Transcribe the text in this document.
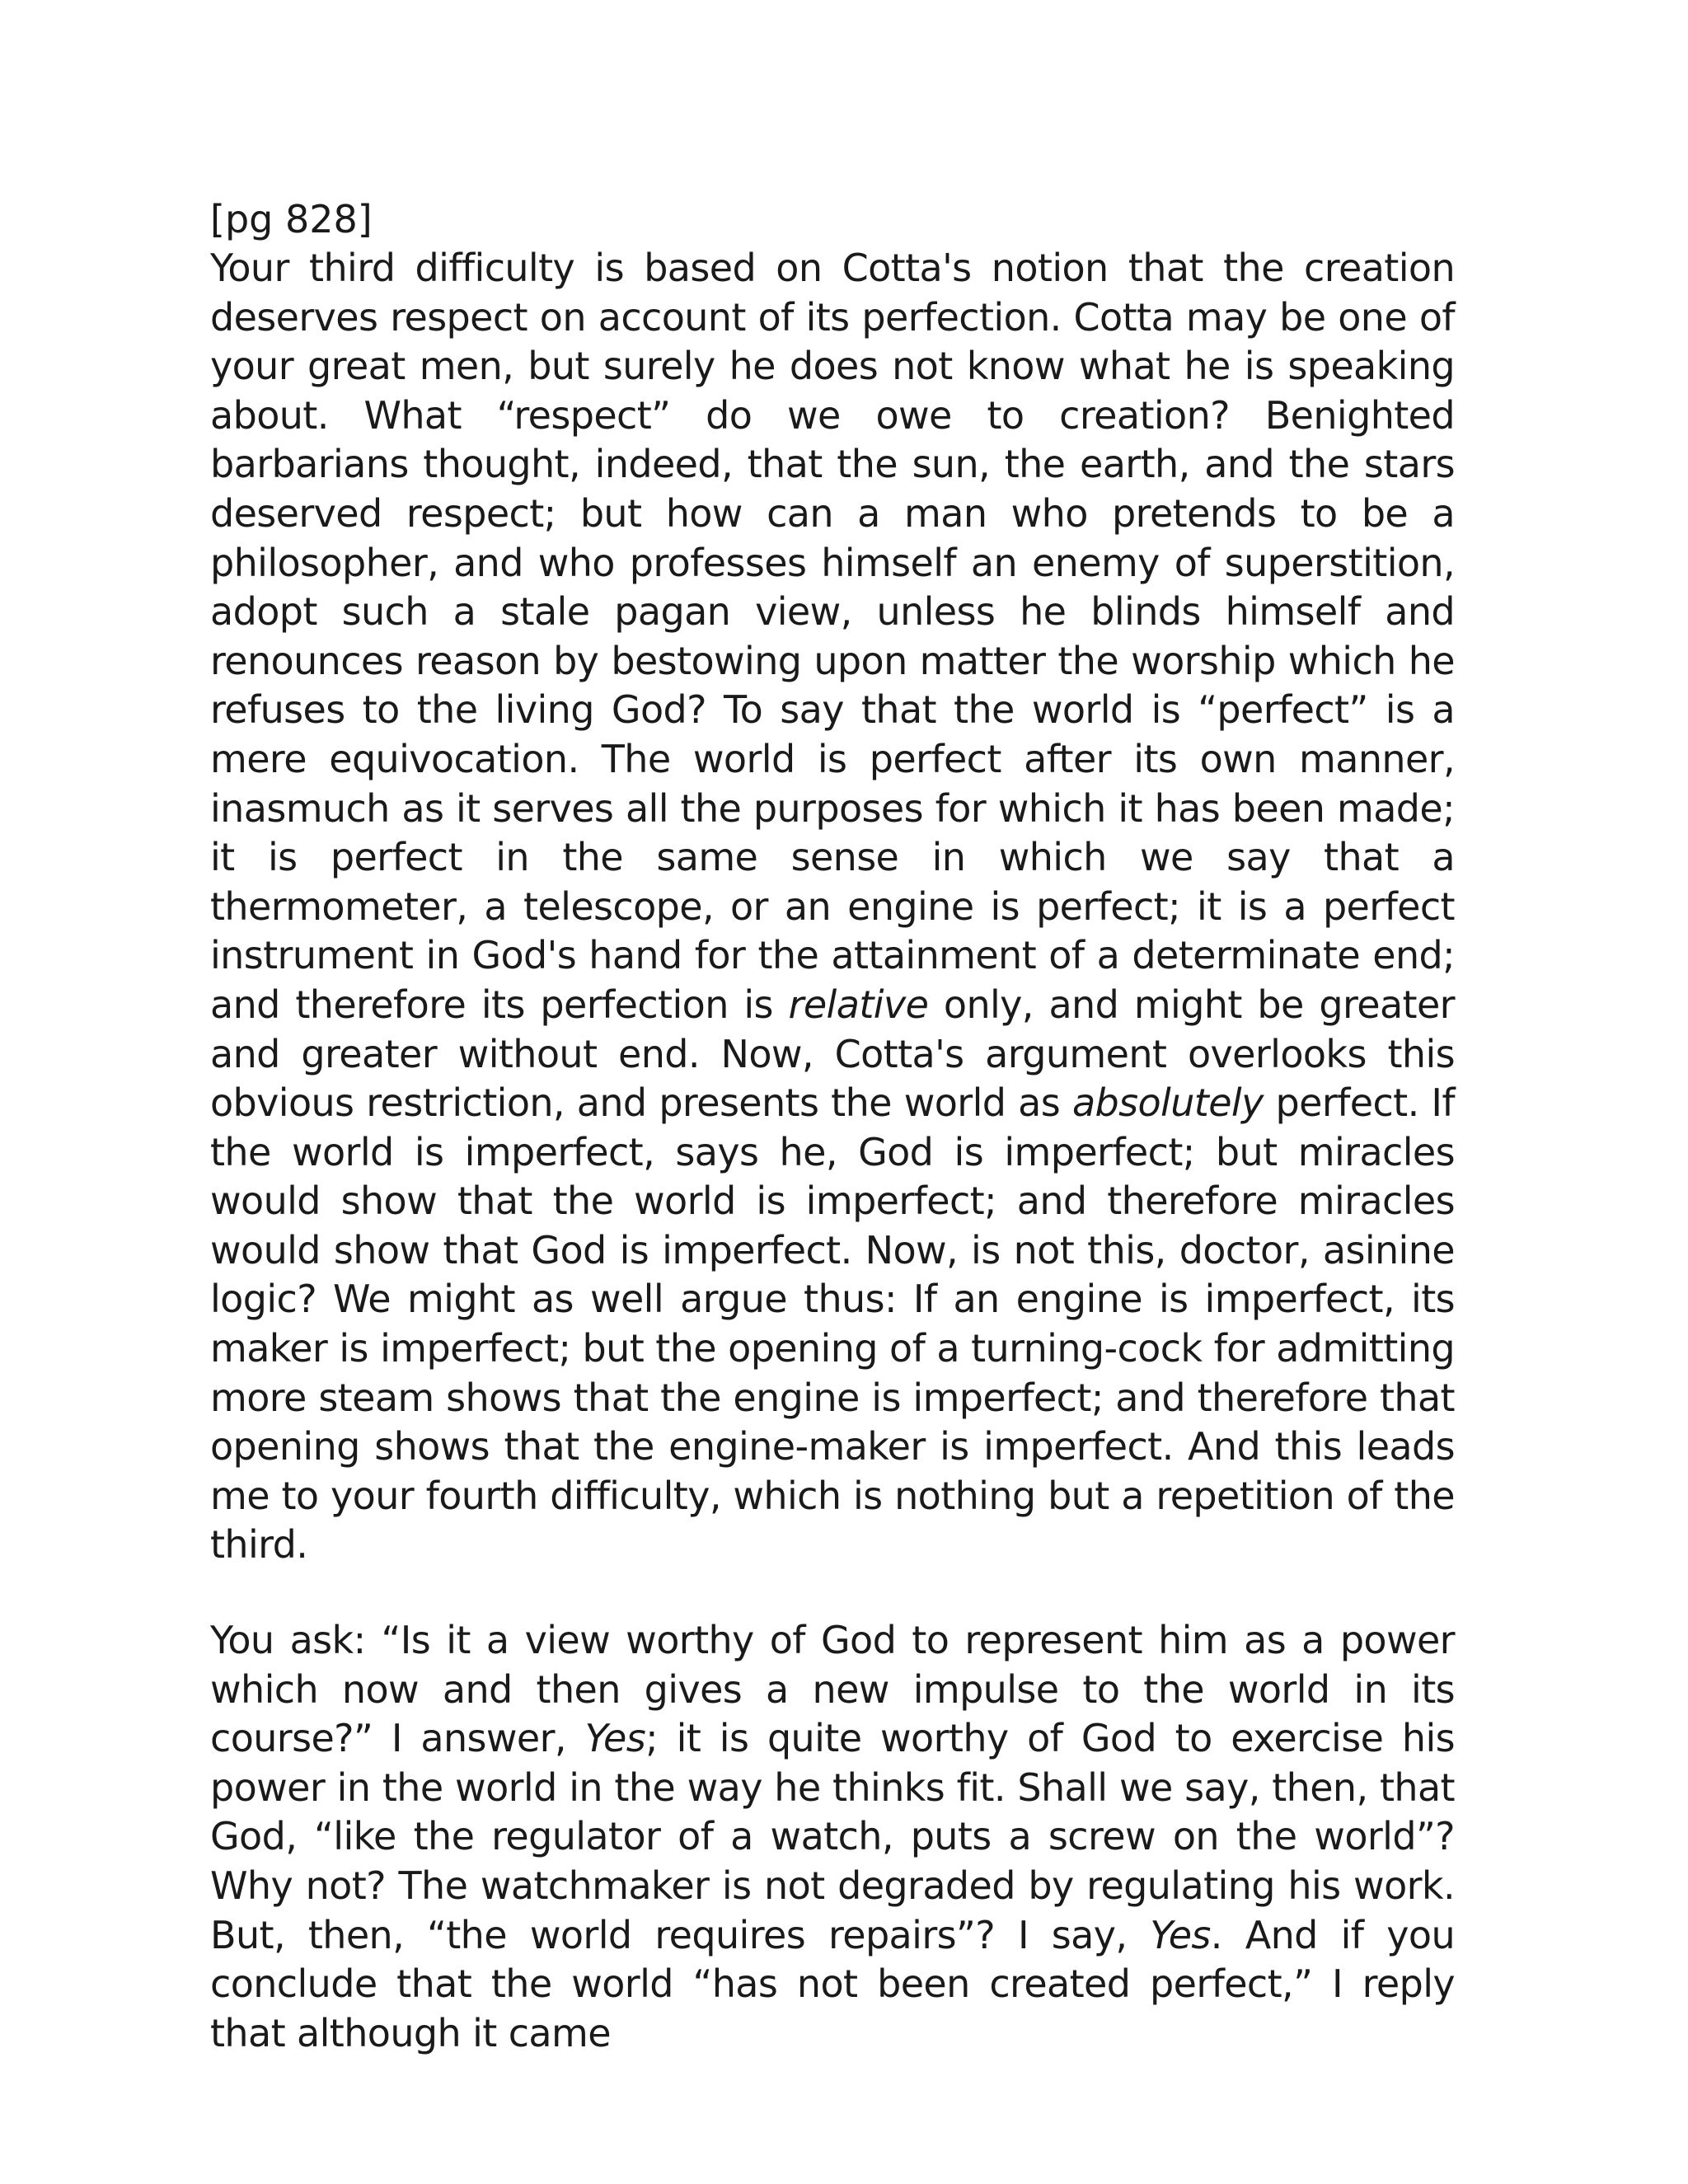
[pg 828]

Your third difficulty is based on Cotta's notion that the creation deserves respect on account of its perfection. Cotta may be one of your great men, but surely he does not know what he is speaking about. What “respect” do we owe to creation? Benighted barbarians thought, indeed, that the sun, the earth, and the stars deserved respect; but how can a man who pretends to be a philosopher, and who professes himself an enemy of superstition, adopt such a stale pagan view, unless he blinds himself and renounces reason by bestowing upon matter the worship which he refuses to the living God? To say that the world is “perfect” is a mere equivocation. The world is perfect after its own manner, inasmuch as it serves all the purposes for which it has been made; it is perfect in the same sense in which we say that a thermometer, a telescope, or an engine is perfect; it is a perfect instrument in God's hand for the attainment of a determinate end; and therefore its perfection is relative only, and might be greater and greater without end. Now, Cotta's argument overlooks this obvious restriction, and presents the world as absolutely perfect. If the world is imperfect, says he, God is imperfect; but miracles would show that the world is imperfect; and therefore miracles would show that God is imperfect. Now, is not this, doctor, asinine logic? We might as well argue thus: If an engine is imperfect, its maker is imperfect; but the opening of a turning-cock for admitting more steam shows that the engine is imperfect; and therefore that opening shows that the engine-maker is imperfect. And this leads me to your fourth difficulty, which is nothing but a repetition of the third.

You ask: “Is it a view worthy of God to represent him as a power which now and then gives a new impulse to the world in its course?” I answer, Yes; it is quite worthy of God to exercise his power in the world in the way he thinks fit. Shall we say, then, that God, “like the regulator of a watch, puts a screw on the world”? Why not? The watchmaker is not degraded by regulating his work. But, then, “the world requires repairs”? I say, Yes. And if you conclude that the world “has not been created perfect,” I reply that although it came
